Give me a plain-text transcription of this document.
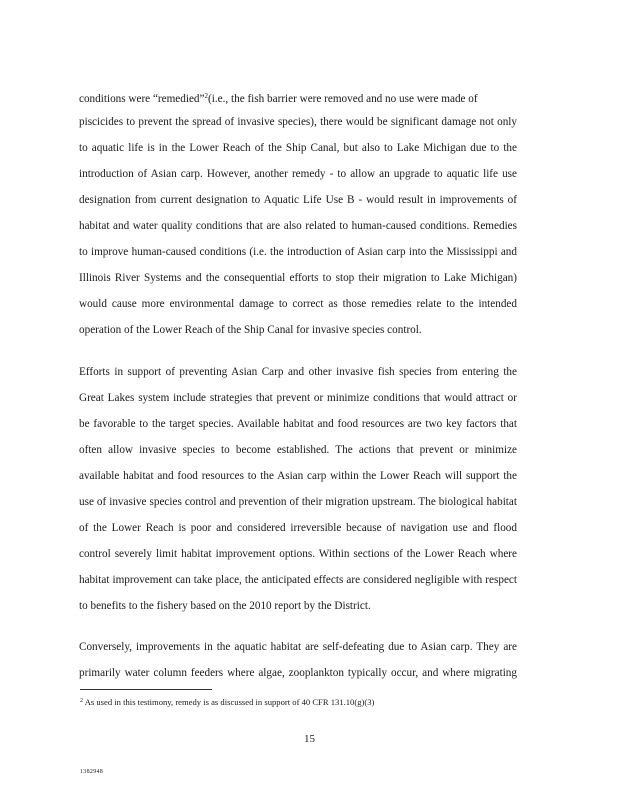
conditions were “remedied”$^2$(i.e., the fish barrier were removed and no use were made of
piscicides to prevent the spread of invasive species), there would be significant damage not only
to aquatic life is in the Lower Reach of the Ship Canal, but also to Lake Michigan due to the
introduction of Asian carp. However, another remedy - to allow an upgrade to aquatic life use
designation from current designation to Aquatic Life Use B - would result in improvements of
habitat and water quality conditions that are also related to human-caused conditions. Remedies
to improve human-caused conditions (i.e. the introduction of Asian carp into the Mississippi and
Illinois River Systems and the consequential efforts to stop their migration to Lake Michigan)
would cause more environmental damage to correct as those remedies relate to the intended
operation of the Lower Reach of the Ship Canal for invasive species control.
Efforts in support of preventing Asian Carp and other invasive fish species from entering the
Great Lakes system include strategies that prevent or minimize conditions that would attract or
be favorable to the target species. Available habitat and food resources are two key factors that
often allow invasive species to become established. The actions that prevent or minimize
available habitat and food resources to the Asian carp within the Lower Reach will support the
use of invasive species control and prevention of their migration upstream. The biological habitat
of the Lower Reach is poor and considered irreversible because of navigation use and flood
control severely limit habitat improvement options. Within sections of the Lower Reach where
habitat improvement can take place, the anticipated effects are considered negligible with respect
to benefits to the fishery based on the 2010 report by the District.
Conversely, improvements in the aquatic habitat are self-defeating due to Asian carp. They are
primarily water column feeders where algae, zooplankton typically occur, and where migrating
$^2$ As used in this testimony, remedy is as discussed in support of 40 CFR 131.10(g)(3)
15
1382948
